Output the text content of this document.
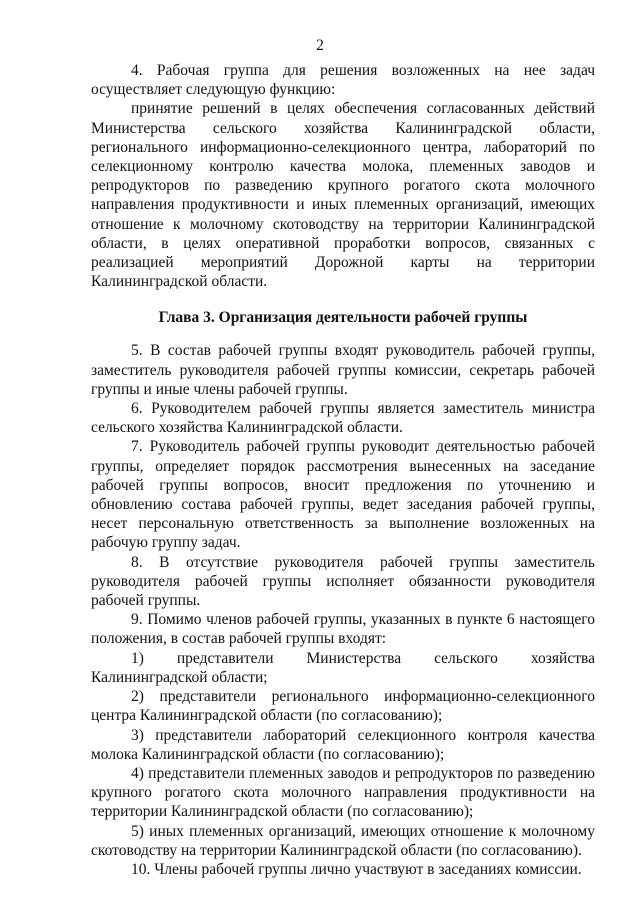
2

4. Рабочая группа для решения возложенных на нее задач осуществляет следующую функцию:

принятие решений в целях обеспечения согласованных действий Министерства сельского хозяйства Калининградской области, регионального информационно-селекционного центра, лабораторий по селекционному контролю качества молока, племенных заводов и репродукторов по разведению крупного рогатого скота молочного направления продуктивности и иных племенных организаций, имеющих отношение к молочному скотоводству на территории Калининградской области, в целях оперативной проработки вопросов, связанных с реализацией мероприятий Дорожной карты на территории Калининградской области.

Глава 3. Организация деятельности рабочей группы

5. В состав рабочей группы входят руководитель рабочей группы, заместитель руководителя рабочей группы комиссии, секретарь рабочей группы и иные члены рабочей группы.

6. Руководителем рабочей группы является заместитель министра сельского хозяйства Калининградской области.

7. Руководитель рабочей группы руководит деятельностью рабочей группы, определяет порядок рассмотрения вынесенных на заседание рабочей группы вопросов, вносит предложения по уточнению и обновлению состава рабочей группы, ведет заседания рабочей группы, несет персональную ответственность за выполнение возложенных на рабочую группу задач.

8. В отсутствие руководителя рабочей группы заместитель руководителя рабочей группы исполняет обязанности руководителя рабочей группы.

9. Помимо членов рабочей группы, указанных в пункте 6 настоящего положения, в состав рабочей группы входят:

1) представители Министерства сельского хозяйства Калининградской области;

2) представители регионального информационно-селекционного центра Калининградской области (по согласованию);

3) представители лабораторий селекционного контроля качества молока Калининградской области (по согласованию);

4) представители племенных заводов и репродукторов по разведению крупного рогатого скота молочного направления продуктивности на территории Калининградской области (по согласованию);

5) иных племенных организаций, имеющих отношение к молочному скотоводству на территории Калининградской области (по согласованию).

10. Члены рабочей группы лично участвуют в заседаниях комиссии.
